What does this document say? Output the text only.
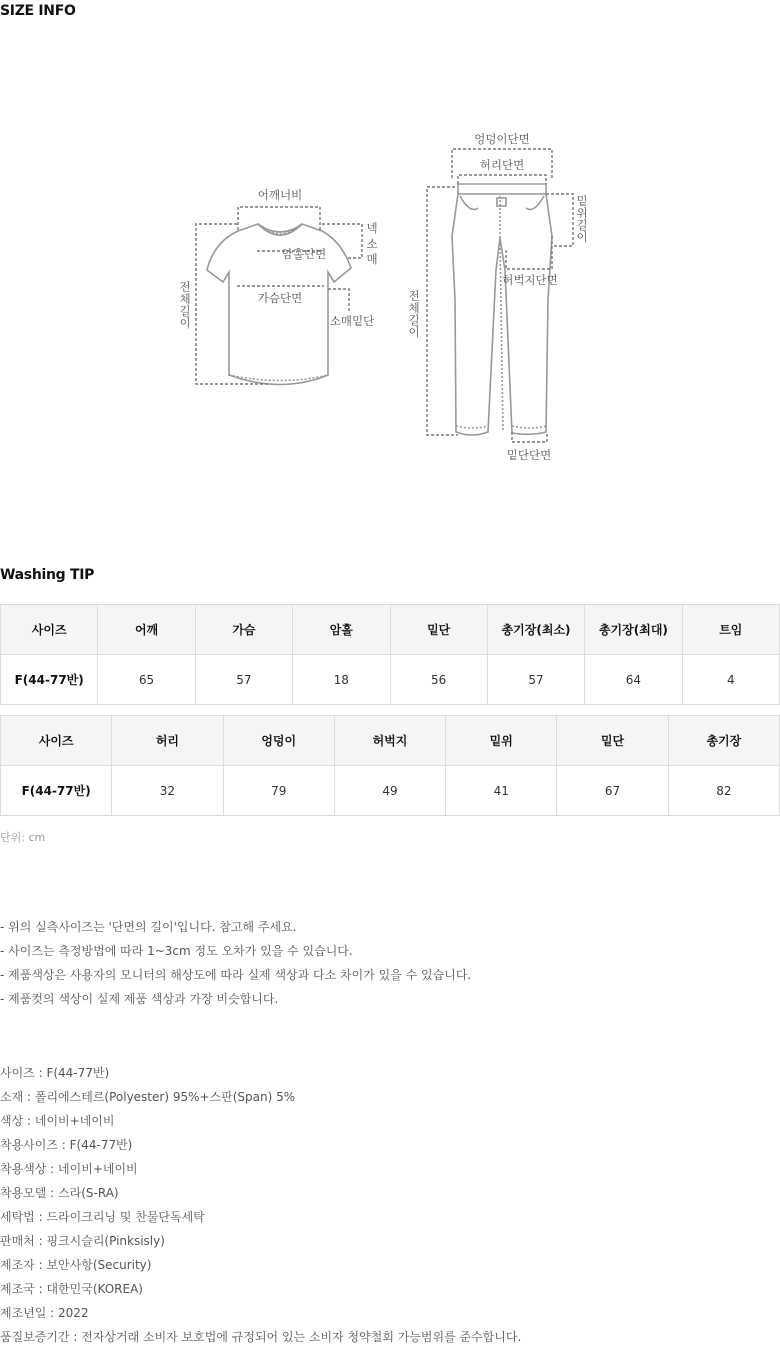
SIZE INFO
어깨너비
암홀단면
가슴단면
소매밑단
넥
소
매
전
체
길
이
엉덩이단면
허리단면
허벅지단면
밑단단면
밑
위
길
이
전
체
길
이
Washing TIP
사이즈	어깨	가슴	암홀	밑단	총기장(최소)	총기장(최대)	트임
F(44-77반)	65	57	18	56	57	64	4
사이즈	허리	엉덩이	허벅지	밑위	밑단	총기장
F(44-77반)	32	79	49	41	67	82
단위: cm
- 위의 실측사이즈는 '단면의 길이'입니다. 참고해 주세요.
- 사이즈는 측정방법에 따라 1~3cm 정도 오차가 있을 수 있습니다.
- 제품색상은 사용자의 모니터의 해상도에 따라 실제 색상과 다소 차이가 있을 수 있습니다.
- 제품컷의 색상이 실제 제품 색상과 가장 비슷합니다.
사이즈 : F(44-77반)
소재 : 폴리에스테르(Polyester) 95%+스판(Span) 5%
색상 : 네이비+네이비
착용사이즈 : F(44-77반)
착용색상 : 네이비+네이비
착용모델 : 스라(S-RA)
세탁법 : 드라이크리닝 및 찬물단독세탁
판매처 : 핑크시슬리(Pinksisly)
제조자 : 보안사항(Security)
제조국 : 대한민국(KOREA)
제조년일 : 2022
품질보증기간 : 전자상거래 소비자 보호법에 규정되어 있는 소비자 청약철회 가능범위를 준수합니다.
